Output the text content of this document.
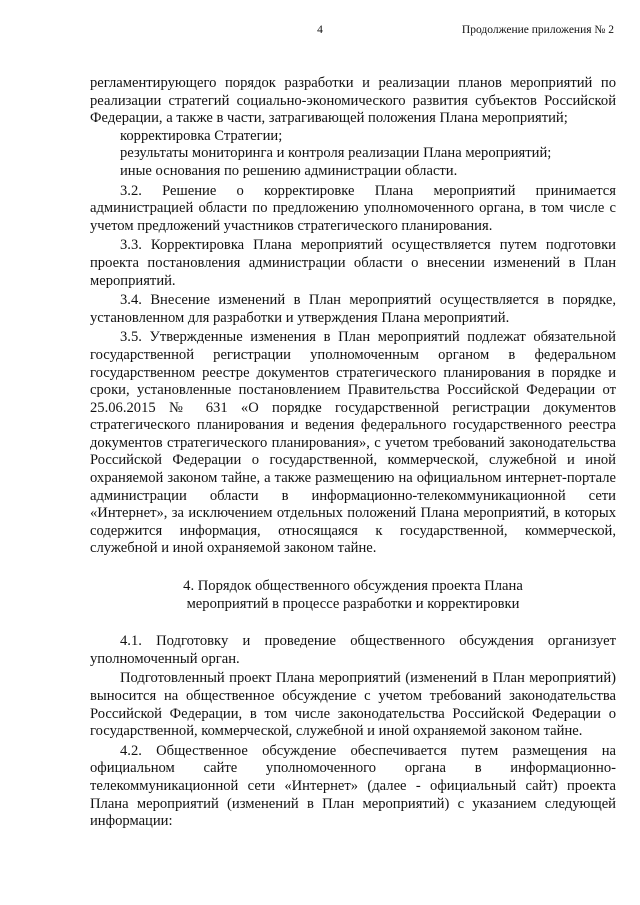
4	Продолжение приложения № 2

регламентирующего порядок разработки и реализации планов мероприятий по реализации стратегий социально-экономического развития субъектов Российской Федерации, а также в части, затрагивающей положения Плана мероприятий;

корректировка Стратегии;

результаты мониторинга и контроля реализации Плана мероприятий;

иные основания по решению администрации области.

3.2. Решение о корректировке Плана мероприятий принимается администрацией области по предложению уполномоченного органа, в том числе с учетом предложений участников стратегического планирования.

3.3. Корректировка Плана мероприятий осуществляется путем подготовки проекта постановления администрации области о внесении изменений в План мероприятий.

3.4. Внесение изменений в План мероприятий осуществляется в порядке, установленном для разработки и утверждения Плана мероприятий.

3.5. Утвержденные изменения в План мероприятий подлежат обязательной государственной регистрации уполномоченным органом в федеральном государственном реестре документов стратегического планирования в порядке и сроки, установленные постановлением Правительства Российской Федерации от 25.06.2015 № 631 «О порядке государственной регистрации документов стратегического планирования и ведения федерального государственного реестра документов стратегического планирования», с учетом требований законодательства Российской Федерации о государственной, коммерческой, служебной и иной охраняемой законом тайне, а также размещению на официальном интернет-портале администрации области в информационно-телекоммуникационной сети «Интернет», за исключением отдельных положений Плана мероприятий, в которых содержится информация, относящаяся к государственной, коммерческой, служебной и иной охраняемой законом тайне.

4. Порядок общественного обсуждения проекта Плана
мероприятий в процессе разработки и корректировки

4.1. Подготовку и проведение общественного обсуждения организует уполномоченный орган.

Подготовленный проект Плана мероприятий (изменений в План мероприятий) выносится на общественное обсуждение с учетом требований законодательства Российской Федерации, в том числе законодательства Российской Федерации о государственной, коммерческой, служебной и иной охраняемой законом тайне.

4.2. Общественное обсуждение обеспечивается путем размещения на официальном сайте уполномоченного органа в информационно-телекоммуникационной сети «Интернет» (далее - официальный сайт) проекта Плана мероприятий (изменений в План мероприятий) с указанием следующей информации:
